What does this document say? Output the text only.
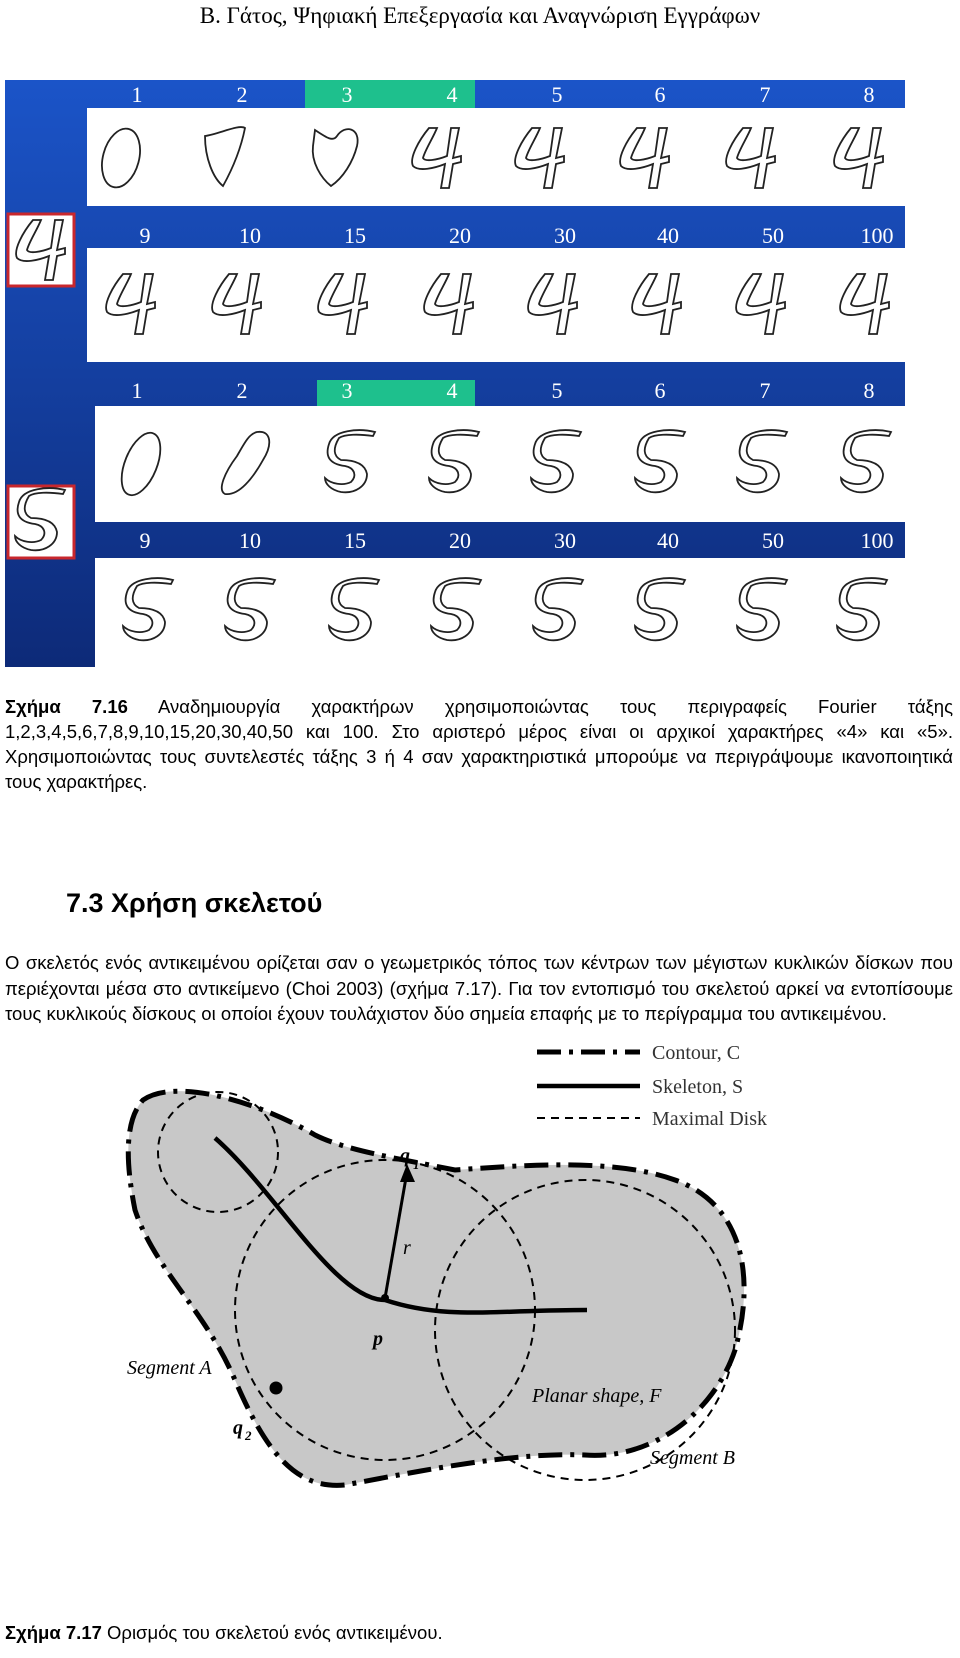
Β. Γάτος, Ψηφιακή Επεξεργασία και Αναγνώριση Εγγράφων
1	2	3	4	5	6	7	8
9	10	15	20	30	40	50	100
1	2	3	4	5	6	7	8
9	10	15	20	30	40	50	100
Σχήμα 7.16 Αναδημιουργία χαρακτήρων χρησιμοποιώντας τους περιγραφείς Fourier τάξης 1,2,3,4,5,6,7,8,9,10,15,20,30,40,50 και 100. Στο αριστερό μέρος είναι οι αρχικοί χαρακτήρες «4» και «5». Χρησιμοποιώντας τους συντελεστές τάξης 3 ή 4 σαν χαρακτηριστικά μπορούμε να περιγράψουμε ικανοποιητικά τους χαρακτήρες.
7.3 Χρήση σκελετού
Ο σκελετός ενός αντικειμένου ορίζεται σαν ο γεωμετρικός τόπος των κέντρων των μέγιστων κυκλικών δίσκων που περιέχονται μέσα στο αντικείμενο (Choi 2003) (σχήμα 7.17). Για τον εντοπισμό του σκελετού αρκεί να εντοπίσουμε τους κυκλικούς δίσκους οι οποίοι έχουν τουλάχιστον δύο σημεία επαφής με το περίγραμμα του αντικειμένου.
q 1
r
p
q 2
Segment A
Segment B
Planar shape, F
Contour, C
Skeleton, S
Maximal Disk
Σχήμα 7.17 Ορισμός του σκελετού ενός αντικειμένου.
